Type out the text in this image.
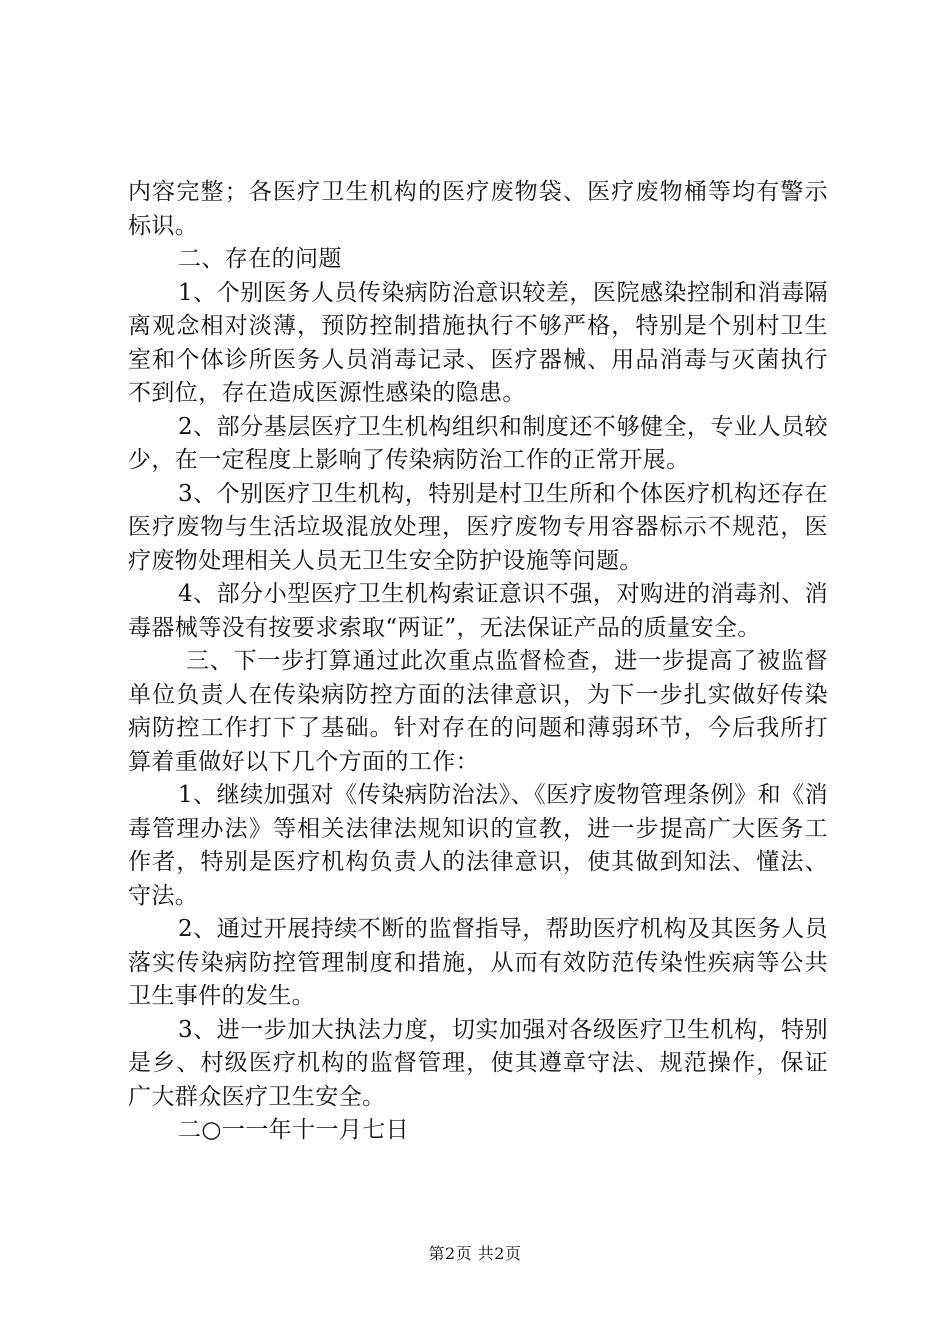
内容完整；各医疗卫生机构的医疗废物袋、医疗废物桶等均有警示标识。

二、存在的问题

1、个别医务人员传染病防治意识较差，医院感染控制和消毒隔离观念相对淡薄，预防控制措施执行不够严格，特别是个别村卫生室和个体诊所医务人员消毒记录、医疗器械、用品消毒与灭菌执行不到位，存在造成医源性感染的隐患。

2、部分基层医疗卫生机构组织和制度还不够健全，专业人员较少，在一定程度上影响了传染病防治工作的正常开展。

3、个别医疗卫生机构，特别是村卫生所和个体医疗机构还存在医疗废物与生活垃圾混放处理，医疗废物专用容器标示不规范，医疗废物处理相关人员无卫生安全防护设施等问题。

4、部分小型医疗卫生机构索证意识不强，对购进的消毒剂、消毒器械等没有按要求索取“两证”，无法保证产品的质量安全。

三、下一步打算通过此次重点监督检查，进一步提高了被监督单位负责人在传染病防控方面的法律意识，为下一步扎实做好传染病防控工作打下了基础。针对存在的问题和薄弱环节，今后我所打算着重做好以下几个方面的工作：

1、继续加强对《传染病防治法》、《医疗废物管理条例》和《消毒管理办法》等相关法律法规知识的宣教，进一步提高广大医务工作者，特别是医疗机构负责人的法律意识，使其做到知法、懂法、守法。

2、通过开展持续不断的监督指导，帮助医疗机构及其医务人员落实传染病防控管理制度和措施，从而有效防范传染性疾病等公共卫生事件的发生。

3、进一步加大执法力度，切实加强对各级医疗卫生机构，特别是乡、村级医疗机构的监督管理，使其遵章守法、规范操作，保证广大群众医疗卫生安全。

二○一一年十一月七日

第2页 共2页
